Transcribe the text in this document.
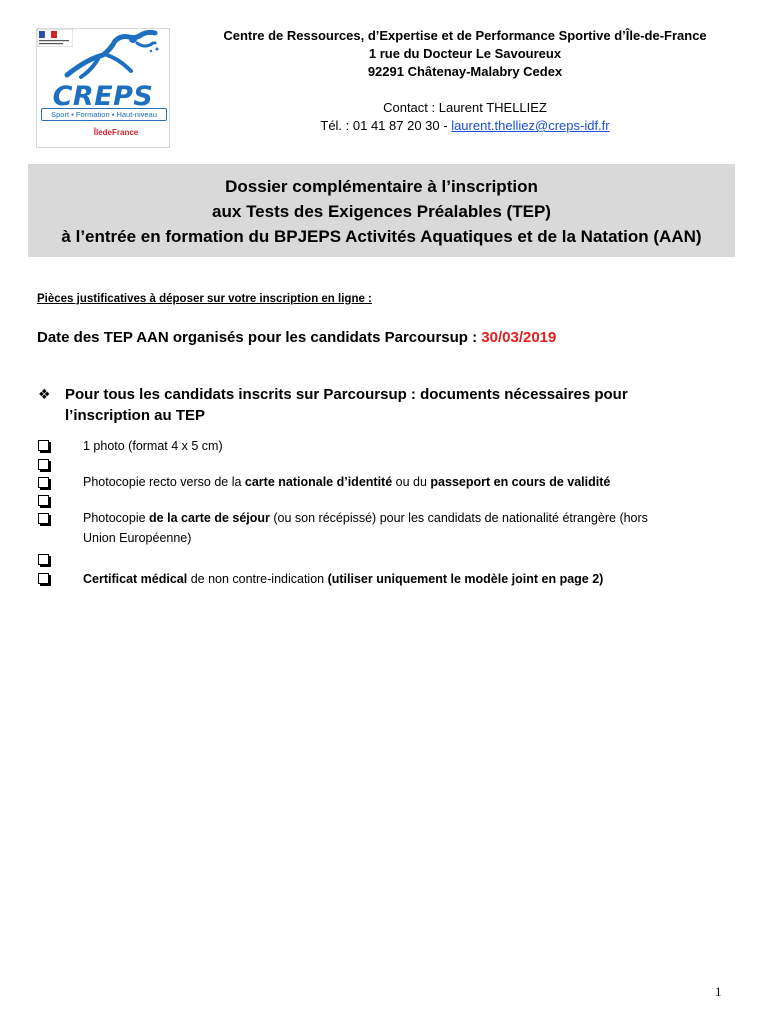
CREPS
Sport ▪ Formation ▪ Haut-niveau
ÎledeFrance
Centre de Ressources, d’Expertise et de Performance Sportive d’Île-de-France
1 rue du Docteur Le Savoureux
92291 Châtenay-Malabry Cedex
Contact : Laurent THELLIEZ
Tél. : 01 41 87 20 30 - laurent.thelliez@creps-idf.fr
Dossier complémentaire à l’inscription
aux Tests des Exigences Préalables (TEP)
à l’entrée en formation du BPJEPS Activités Aquatiques et de la Natation (AAN)
Pièces justificatives à déposer sur votre inscription en ligne :
Date des TEP AAN organisés pour les candidats Parcoursup : 30/03/2019
❖ Pour tous les candidats inscrits sur Parcoursup : documents nécessaires pour
l’inscription au TEP
1 photo (format 4 x 5 cm)
Photocopie recto verso de la carte nationale d’identité ou du passeport en cours de validité
Photocopie de la carte de séjour (ou son récépissé) pour les candidats de nationalité étrangère (hors
Union Européenne)
Certificat médical de non contre-indication (utiliser uniquement le modèle joint en page 2)
1
